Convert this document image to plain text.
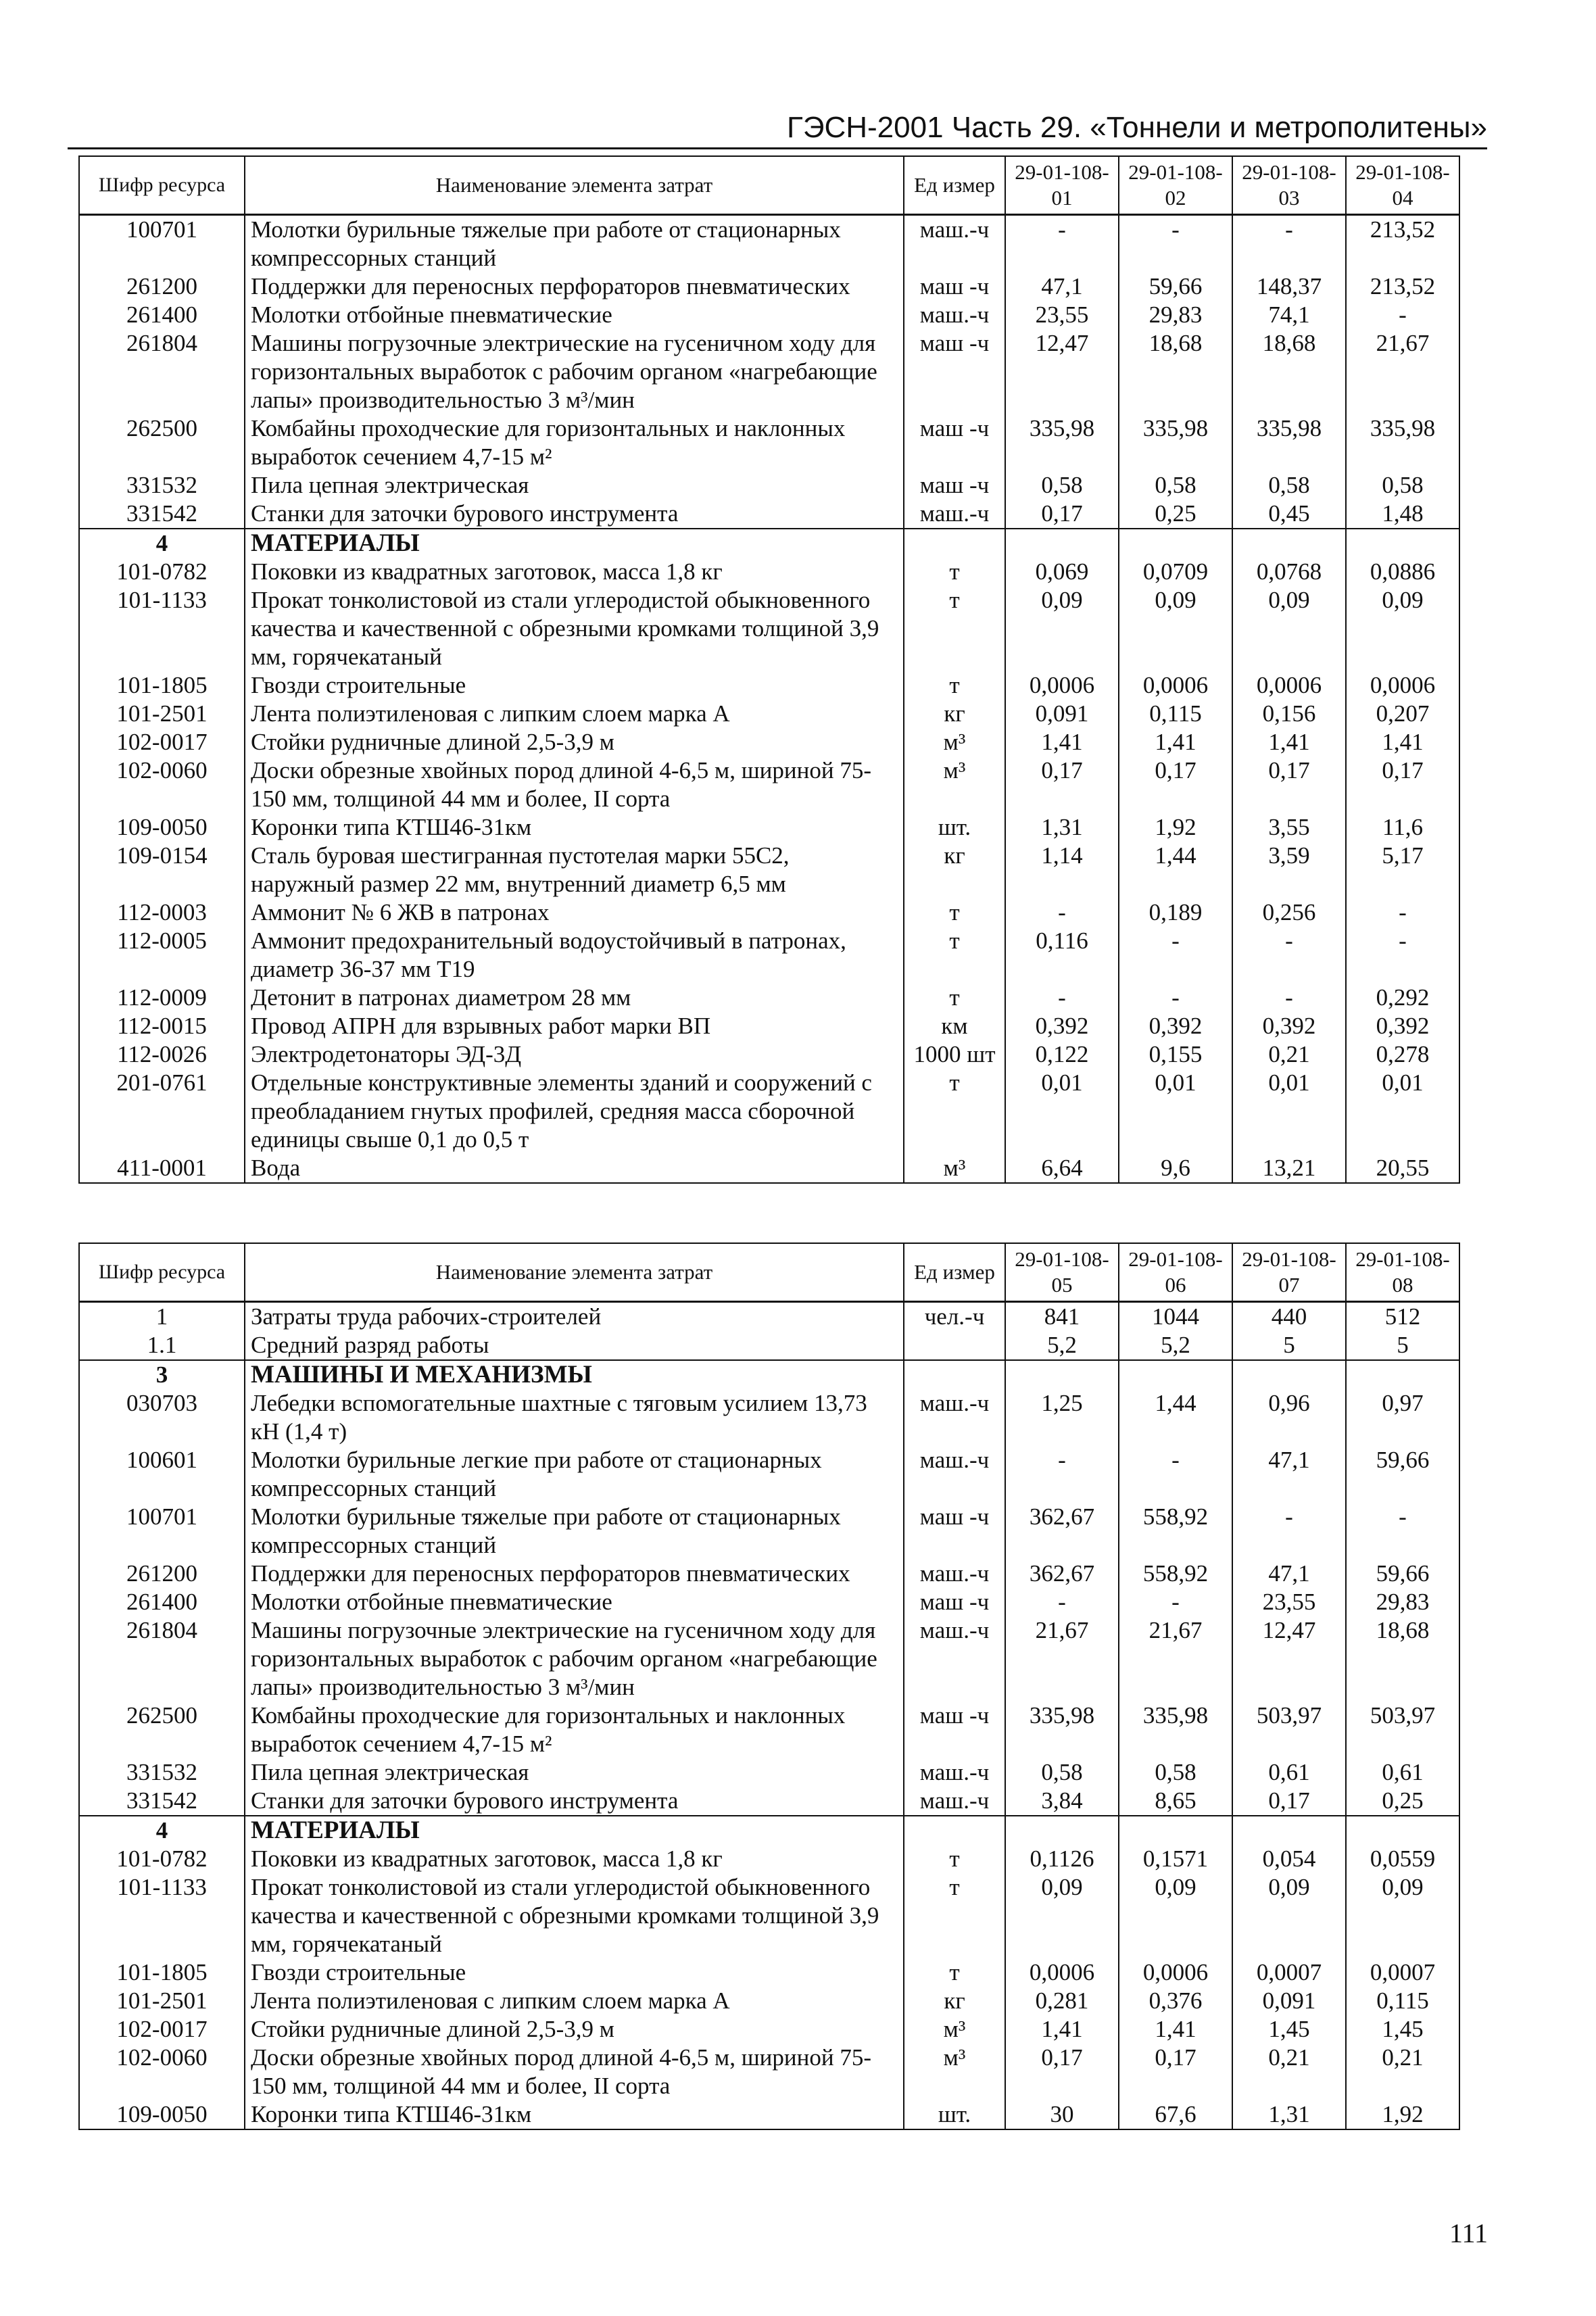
ГЭСН-2001 Часть 29. «Тоннели и метрополитены»
Шифр ресурса	Наименование элемента затрат	Ед измер	29-01-108-01	29-01-108-02	29-01-108-03	29-01-108-04
100701	Молотки бурильные тяжелые при работе от стационарных компрессорных станций	маш.-ч	-	-	-	213,52
261200	Поддержки для переносных перфораторов пневматических	маш -ч	47,1	59,66	148,37	213,52
261400	Молотки отбойные пневматические	маш.-ч	23,55	29,83	74,1	-
261804	Машины погрузочные электрические на гусеничном ходу для горизонтальных выработок с рабочим органом «нагребающие лапы» производительностью 3 м³/мин	маш -ч	12,47	18,68	18,68	21,67
262500	Комбайны проходческие для горизонтальных и наклонных выработок сечением 4,7-15 м²	маш -ч	335,98	335,98	335,98	335,98
331532	Пила цепная электрическая	маш -ч	0,58	0,58	0,58	0,58
331542	Станки для заточки бурового инструмента	маш.-ч	0,17	0,25	0,45	1,48
4	МАТЕРИАЛЫ					
101-0782	Поковки из квадратных заготовок, масса 1,8 кг	т	0,069	0,0709	0,0768	0,0886
101-1133	Прокат тонколистовой из стали углеродистой обыкновенного качества и качественной с обрезными кромками толщиной 3,9 мм, горячекатаный	т	0,09	0,09	0,09	0,09
101-1805	Гвозди строительные	т	0,0006	0,0006	0,0006	0,0006
101-2501	Лента полиэтиленовая с липким слоем марка А	кг	0,091	0,115	0,156	0,207
102-0017	Стойки рудничные длиной 2,5-3,9 м	м³	1,41	1,41	1,41	1,41
102-0060	Доски обрезные хвойных пород длиной 4-6,5 м, шириной 75-150 мм, толщиной 44 мм и более, II сорта	м³	0,17	0,17	0,17	0,17
109-0050	Коронки типа КТШ46-31км	шт.	1,31	1,92	3,55	11,6
109-0154	Сталь буровая шестигранная пустотелая марки 55С2, наружный размер 22 мм, внутренний диаметр 6,5 мм	кг	1,14	1,44	3,59	5,17
112-0003	Аммонит № 6 ЖВ в патронах	т	-	0,189	0,256	-
112-0005	Аммонит предохранительный водоустойчивый в патронах, диаметр 36-37 мм Т19	т	0,116	-	-	-
112-0009	Детонит в патронах диаметром 28 мм	т	-	-	-	0,292
112-0015	Провод АПРН для взрывных работ марки ВП	км	0,392	0,392	0,392	0,392
112-0026	Электродетонаторы ЭД-3Д	1000 шт	0,122	0,155	0,21	0,278
201-0761	Отдельные конструктивные элементы зданий и сооружений с преобладанием гнутых профилей, средняя масса сборочной единицы свыше 0,1 до 0,5 т	т	0,01	0,01	0,01	0,01
411-0001	Вода	м³	6,64	9,6	13,21	20,55
Шифр ресурса	Наименование элемента затрат	Ед измер	29-01-108-05	29-01-108-06	29-01-108-07	29-01-108-08
1	Затраты труда рабочих-строителей	чел.-ч	841	1044	440	512
1.1	Средний разряд работы		5,2	5,2	5	5
3	МАШИНЫ И МЕХАНИЗМЫ					
030703	Лебедки вспомогательные шахтные с тяговым усилием 13,73 кН (1,4 т)	маш.-ч	1,25	1,44	0,96	0,97
100601	Молотки бурильные легкие при работе от стационарных компрессорных станций	маш.-ч	-	-	47,1	59,66
100701	Молотки бурильные тяжелые при работе от стационарных компрессорных станций	маш -ч	362,67	558,92	-	-
261200	Поддержки для переносных перфораторов пневматических	маш.-ч	362,67	558,92	47,1	59,66
261400	Молотки отбойные пневматические	маш -ч	-	-	23,55	29,83
261804	Машины погрузочные электрические на гусеничном ходу для горизонтальных выработок с рабочим органом «нагребающие лапы» производительностью 3 м³/мин	маш.-ч	21,67	21,67	12,47	18,68
262500	Комбайны проходческие для горизонтальных и наклонных выработок сечением 4,7-15 м²	маш -ч	335,98	335,98	503,97	503,97
331532	Пила цепная электрическая	маш.-ч	0,58	0,58	0,61	0,61
331542	Станки для заточки бурового инструмента	маш.-ч	3,84	8,65	0,17	0,25
4	МАТЕРИАЛЫ					
101-0782	Поковки из квадратных заготовок, масса 1,8 кг	т	0,1126	0,1571	0,054	0,0559
101-1133	Прокат тонколистовой из стали углеродистой обыкновенного качества и качественной с обрезными кромками толщиной 3,9 мм, горячекатаный	т	0,09	0,09	0,09	0,09
101-1805	Гвозди строительные	т	0,0006	0,0006	0,0007	0,0007
101-2501	Лента полиэтиленовая с липким слоем марка А	кг	0,281	0,376	0,091	0,115
102-0017	Стойки рудничные длиной 2,5-3,9 м	м³	1,41	1,41	1,45	1,45
102-0060	Доски обрезные хвойных пород длиной 4-6,5 м, шириной 75-150 мм, толщиной 44 мм и более, II сорта	м³	0,17	0,17	0,21	0,21
109-0050	Коронки типа КТШ46-31км	шт.	30	67,6	1,31	1,92
111
